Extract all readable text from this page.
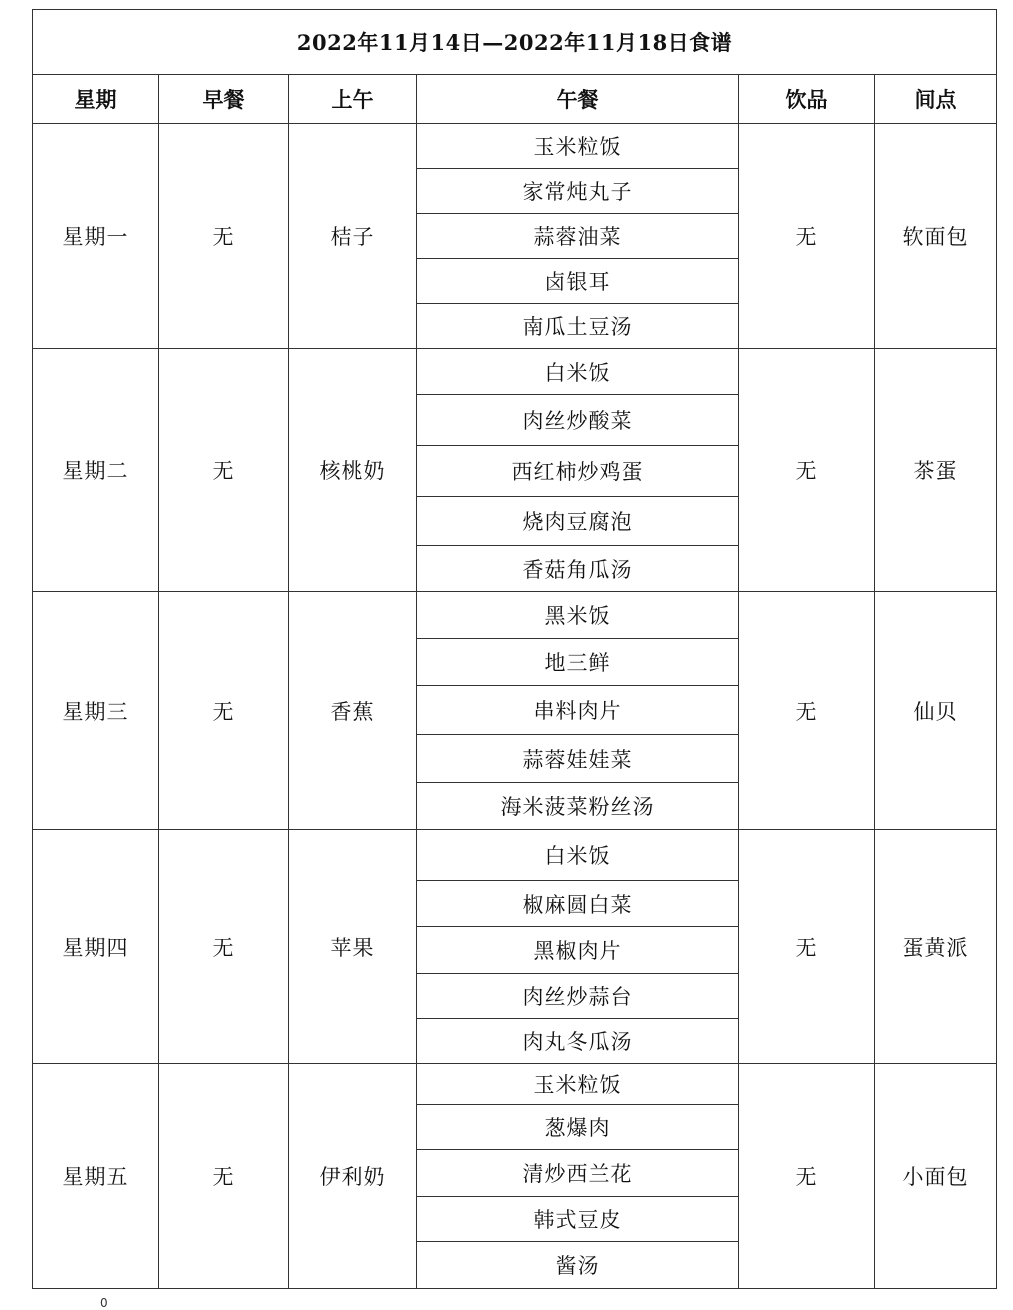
2022年11月14日—2022年11月18日食谱					
星期	早餐	上午	午餐	饮品	间点
星期一	无	桔子	玉米粒饭	无	软面包
			家常炖丸子		
			蒜蓉油菜		
			卤银耳		
			南瓜土豆汤		
星期二	无	核桃奶	白米饭	无	茶蛋
			肉丝炒酸菜		
			西红柿炒鸡蛋		
			烧肉豆腐泡		
			香菇角瓜汤		
星期三	无	香蕉	黑米饭	无	仙贝
			地三鲜		
			串料肉片		
			蒜蓉娃娃菜		
			海米菠菜粉丝汤		
星期四	无	苹果	白米饭	无	蛋黄派
			椒麻圆白菜		
			黑椒肉片		
			肉丝炒蒜台		
			肉丸冬瓜汤		
星期五	无	伊利奶	玉米粒饭	无	小面包
			葱爆肉		
			清炒西兰花		
			韩式豆皮		
			酱汤		
0
